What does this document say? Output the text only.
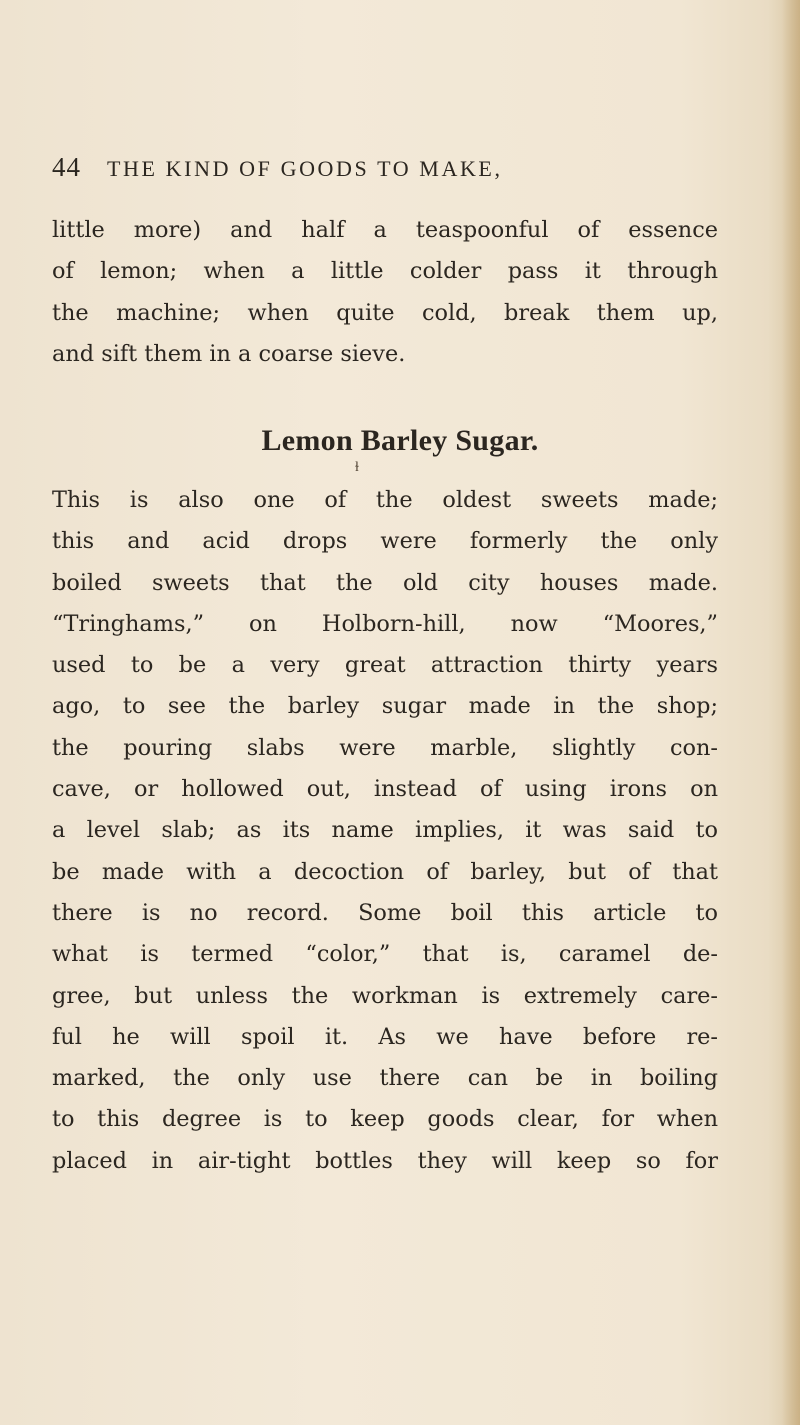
44 THE KIND OF GOODS TO MAKE,

little more) and half a teaspoonful of essence
of lemon; when a little colder pass it through
the machine; when quite cold, break them up,
and sift them in a coarse sieve.

Lemon Barley Sugar.
ɫ

This is also one of the oldest sweets made;
this and acid drops were formerly the only
boiled sweets that the old city houses made.
“Tringhams,” on Holborn-hill, now “Moores,”
used to be a very great attraction thirty years
ago, to see the barley sugar made in the shop;
the pouring slabs were marble, slightly con-
cave, or hollowed out, instead of using irons on
a level slab; as its name implies, it was said to
be made with a decoction of barley, but of that
there is no record. Some boil this article to
what is termed “color,” that is, caramel de-
gree, but unless the workman is extremely care-
ful he will spoil it. As we have before re-
marked, the only use there can be in boiling
to this degree is to keep goods clear, for when
placed in air-tight bottles they will keep so for
